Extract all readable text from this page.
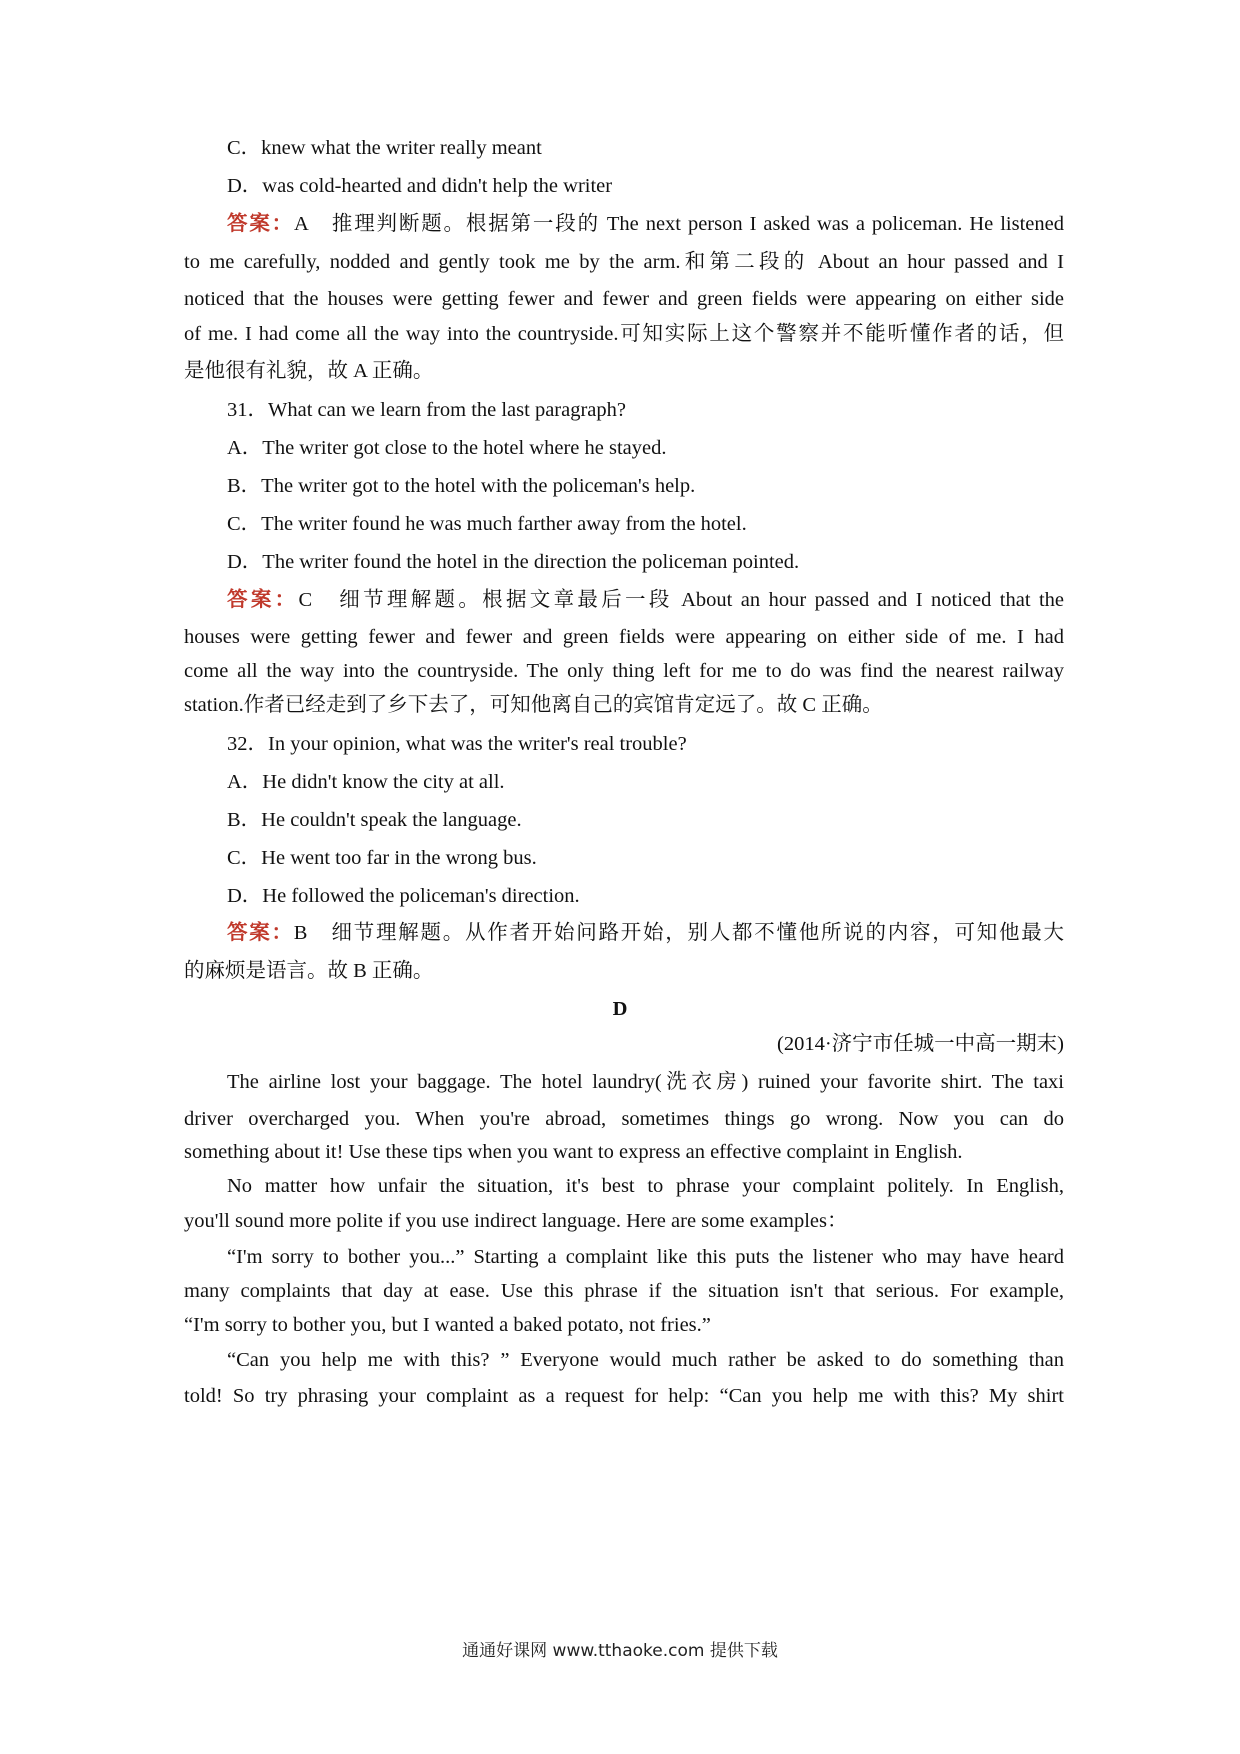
C．knew what the writer really meant
D．was cold-hearted and didn't help the writer
答案：A　推理判断题。根据第一段的 The next person I asked was a policeman. He listened
to me carefully, nodded and gently took me by the arm.和第二段的 About an hour passed and I
noticed that the houses were getting fewer and fewer and green fields were appearing on either side
of me. I had come all the way into the countryside.可知实际上这个警察并不能听懂作者的话，但
是他很有礼貌，故 A 正确。
31．What can we learn from the last paragraph?
A．The writer got close to the hotel where he stayed.
B．The writer got to the hotel with the policeman's help.
C．The writer found he was much farther away from the hotel.
D．The writer found the hotel in the direction the policeman pointed.
答案：C　细节理解题。根据文章最后一段 About an hour passed and I noticed that the
houses were getting fewer and fewer and green fields were appearing on either side of me. I had
come all the way into the countryside. The only thing left for me to do was find the nearest railway
station.作者已经走到了乡下去了，可知他离自己的宾馆肯定远了。故 C 正确。
32．In your opinion, what was the writer's real trouble?
A．He didn't know the city at all.
B．He couldn't speak the language.
C．He went too far in the wrong bus.
D．He followed the policeman's direction.
答案：B　细节理解题。从作者开始问路开始，别人都不懂他所说的内容，可知他最大
的麻烦是语言。故 B 正确。
D
(2014·济宁市任城一中高一期末)
The airline lost your baggage. The hotel laundry(洗衣房) ruined your favorite shirt. The taxi
driver overcharged you. When you're abroad, sometimes things go wrong. Now you can do
something about it! Use these tips when you want to express an effective complaint in English.
No matter how unfair the situation, it's best to phrase your complaint politely. In English,
you'll sound more polite if you use indirect language. Here are some examples：
“I'm sorry to bother you...” Starting a complaint like this puts the listener who may have heard
many complaints that day at ease. Use this phrase if the situation isn't that serious. For example,
“I'm sorry to bother you, but I wanted a baked potato, not fries.”
“Can you help me with this? ” Everyone would much rather be asked to do something than
told! So try phrasing your complaint as a request for help: “Can you help me with this? My shirt
通通好课网 www.tthaoke.com 提供下载
